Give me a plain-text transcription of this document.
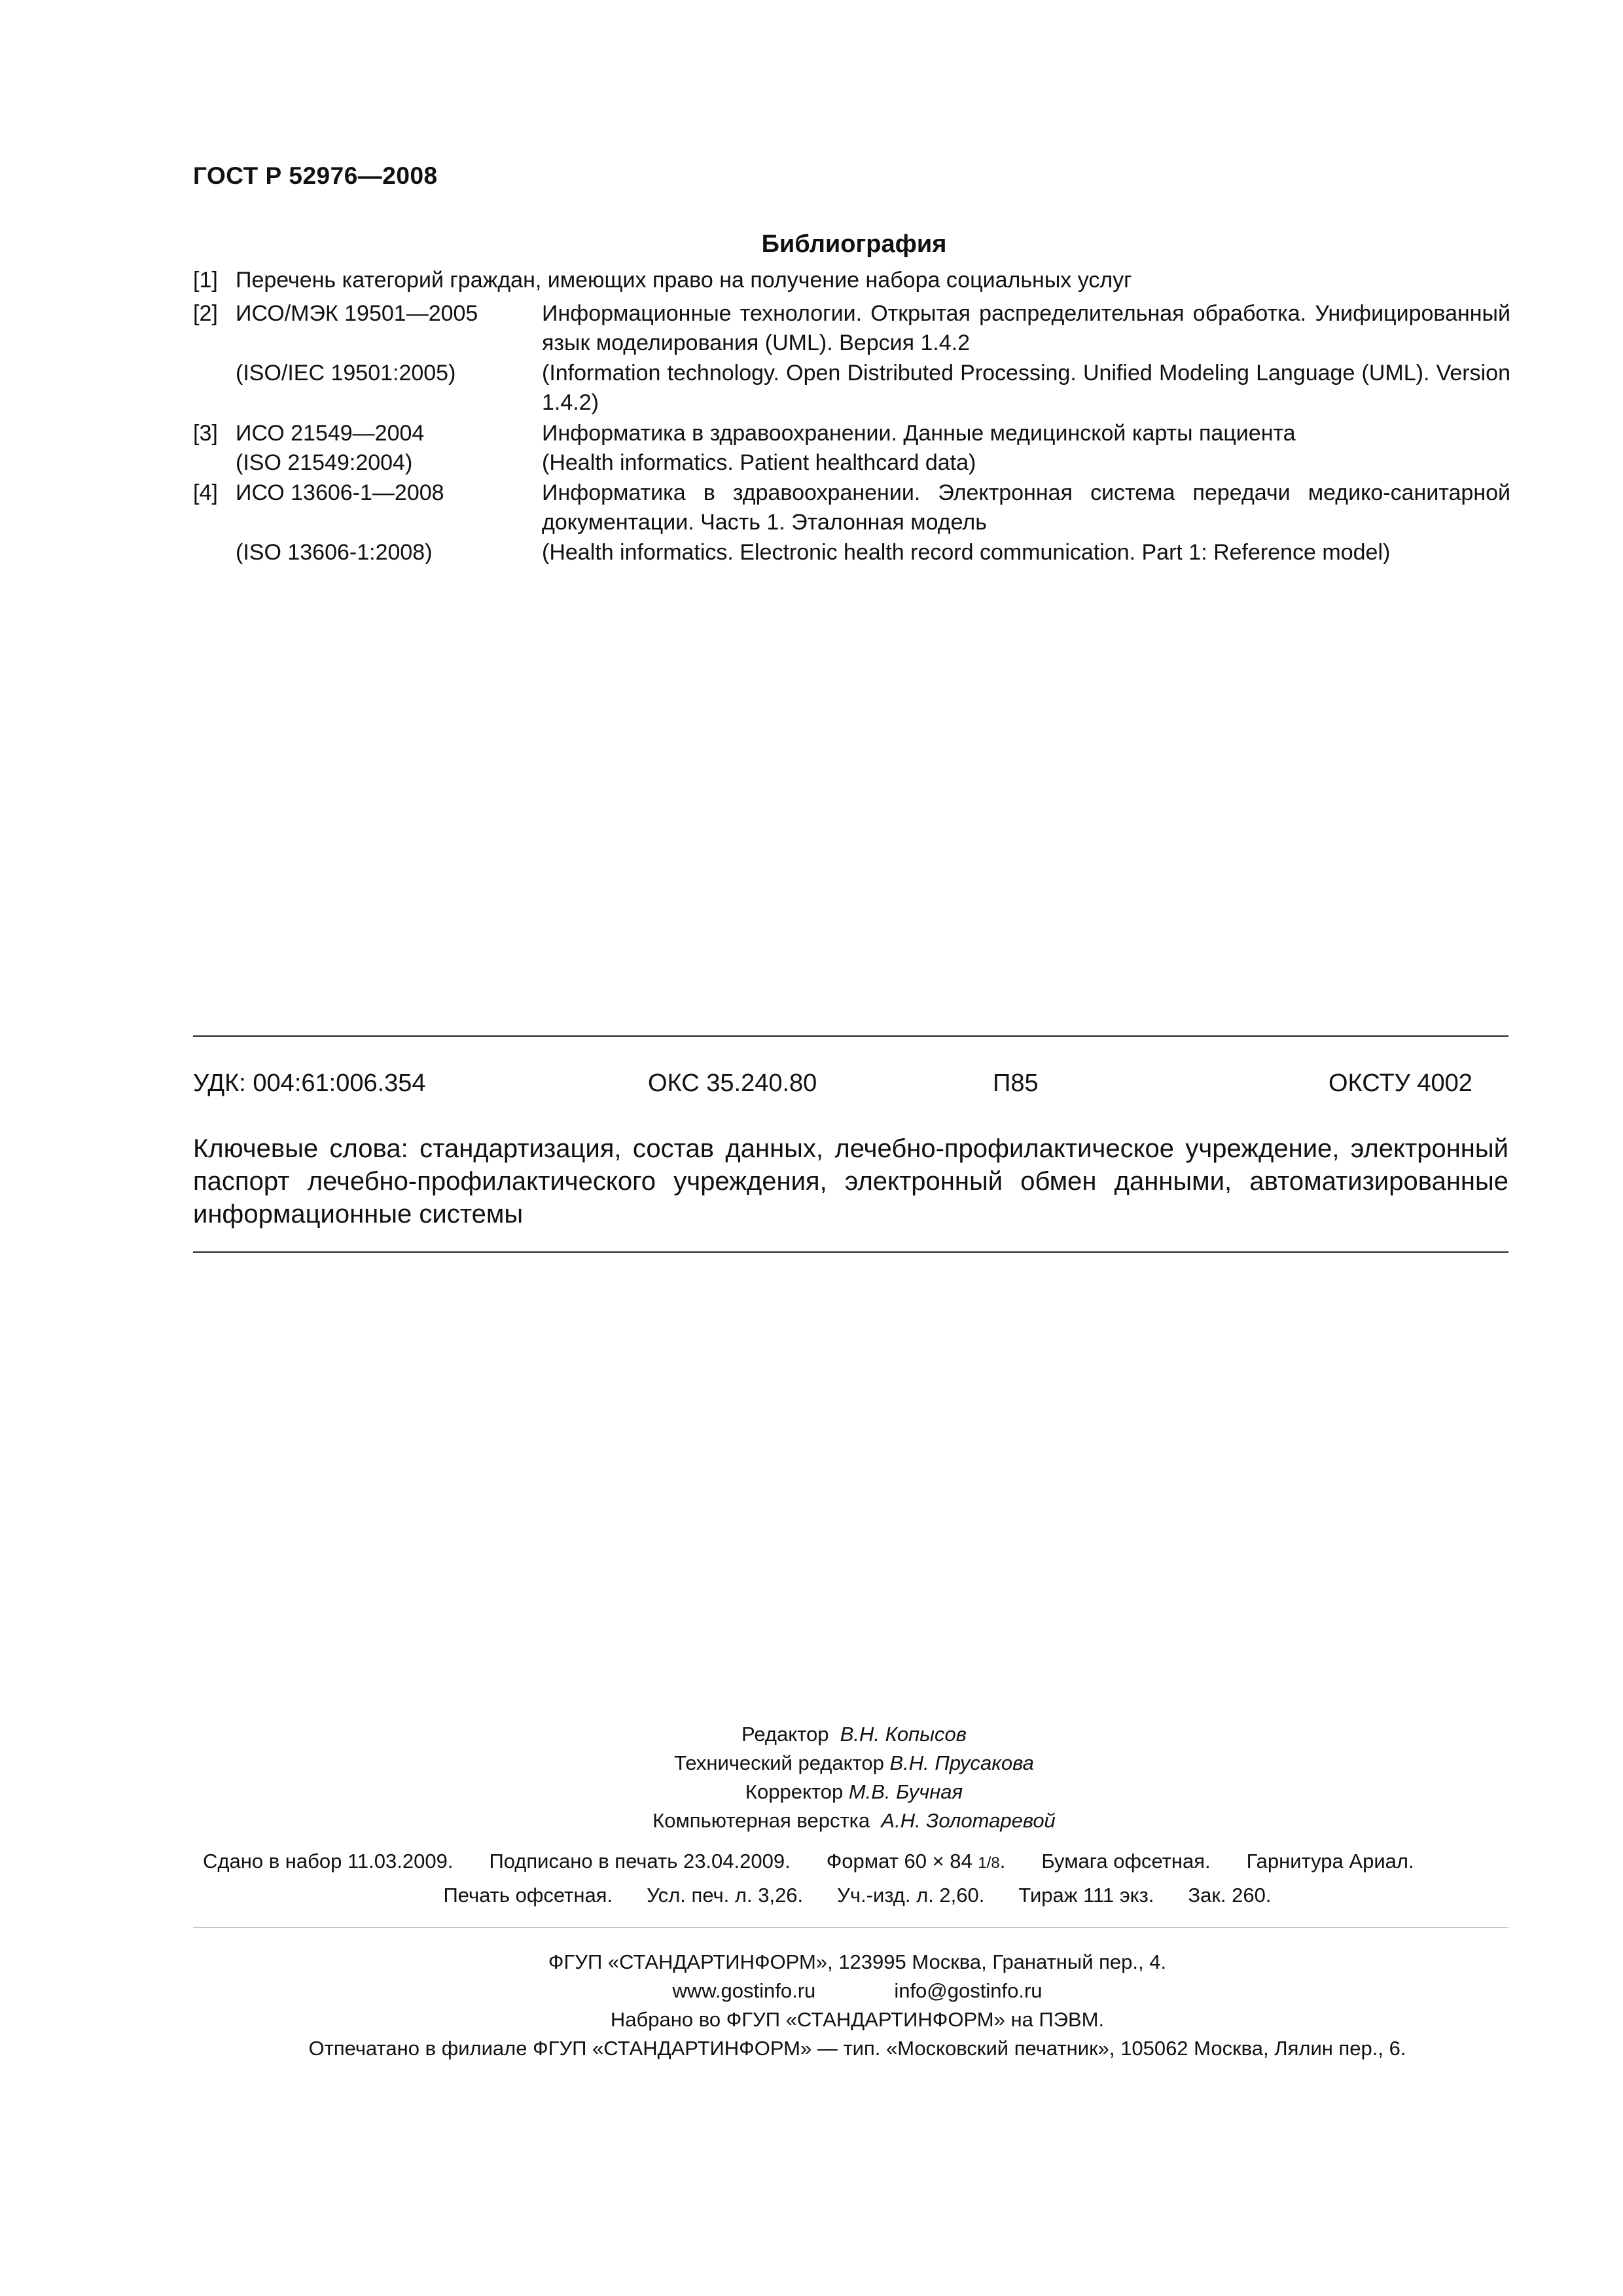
ГОСТ Р 52976—2008
Библиография
[1] Перечень категорий граждан, имеющих право на получение набора социальных услуг
[2] ИСО/МЭК 19501—2005	Информационные технологии. Открытая распределительная обработка. Унифицированный язык моделирования (UML). Версия 1.4.2
(ISO/IEC 19501:2005)	(Information technology. Open Distributed Processing. Unified Modeling Language (UML). Version 1.4.2)
[3] ИСО 21549—2004	Информатика в здравоохранении. Данные медицинской карты пациента
(ISO 21549:2004)	(Health informatics. Patient healthcard data)
[4] ИСО 13606-1—2008	Информатика в здравоохранении. Электронная система передачи медико-санитарной документации. Часть 1. Эталонная модель
(ISO 13606-1:2008)	(Health informatics. Electronic health record communication. Part 1: Reference model)
УДК: 004:61:006.354	ОКС 35.240.80	П85	ОКСТУ 4002
Ключевые слова: стандартизация, состав данных, лечебно-профилактическое учреждение, электронный паспорт лечебно-профилактического учреждения, электронный обмен данными, автоматизированные информационные системы
Редактор В.Н. Копысов
Технический редактор В.Н. Прусакова
Корректор М.В. Бучная
Компьютерная верстка А.Н. Золотаревой
Сдано в набор 11.03.2009. Подписано в печать 23.04.2009. Формат 60 × 84 1/8. Бумага офсетная. Гарнитура Ариал.
Печать офсетная. Усл. печ. л. 3,26. Уч.-изд. л. 2,60. Тираж 111 экз. Зак. 260.
ФГУП «СТАНДАРТИНФОРМ», 123995 Москва, Гранатный пер., 4.
www.gostinfo.ru	info@gostinfo.ru
Набрано во ФГУП «СТАНДАРТИНФОРМ» на ПЭВМ.
Отпечатано в филиале ФГУП «СТАНДАРТИНФОРМ» — тип. «Московский печатник», 105062 Москва, Лялин пер., 6.
